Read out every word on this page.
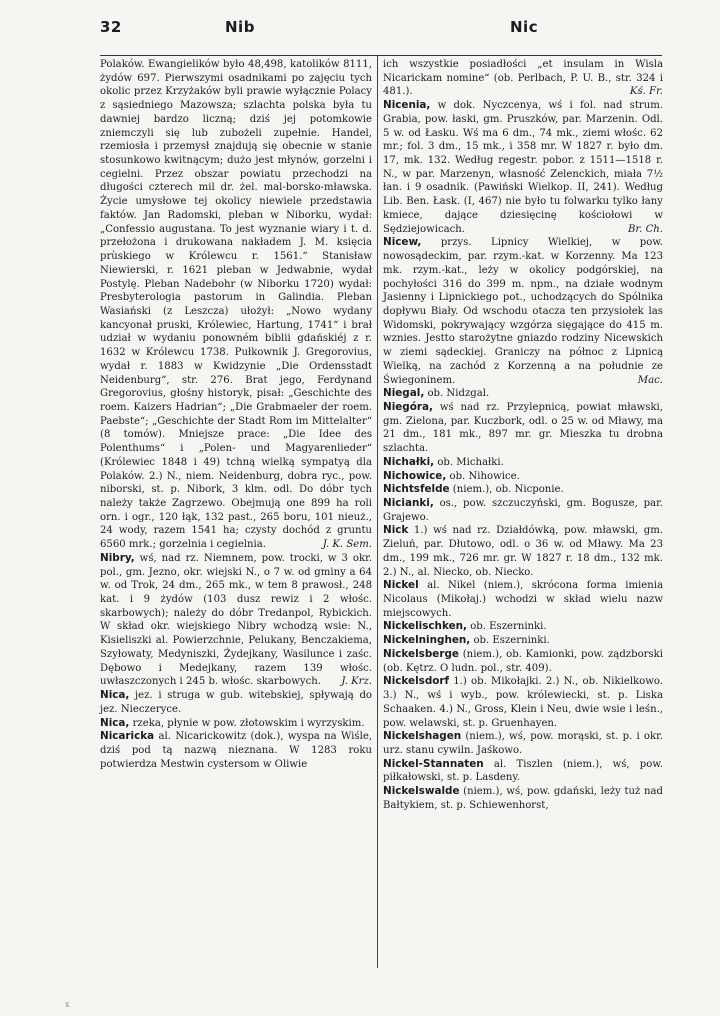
32	Nib	Nic

Polaków. Ewangielików było 48,498, katolików 8111, żydów 697. Pierwszymi osadnikami po zajęciu tych okolic przez Krzyżaków byli prawie wyłącznie Polacy z sąsiedniego Mazowsza; szlachta polska była tu dawniej bardzo liczną; dziś jej potomkowie zniemczyli się lub zubożeli zupełnie. Handel, rzemiosła i przemysł znajdują się obecnie w stanie stosunkowo kwitnącym; dużo jest młynów, gorzelni i cegielni. Przez obszar powiatu przechodzi na długości czterech mil dr. żel. mal-borsko-mławska. Życie umysłowe tej okolicy niewiele przedstawia faktów. Jan Radomski, pleban w Niborku, wydał: „Confessio augustana. To jest wyznanie wiary i t. d. przełożona i drukowana nakładem J. M. księcia prùskiego w Królewcu r. 1561.“ Stanisław Niewierski, r. 1621 pleban w Jedwabnie, wydał Postylę. Pleban Nadebohr (w Niborku 1720) wydał: Presbyterologia pastorum in Galindia. Pleban Wasiański (z Leszcza) ułożył: „Nowo wydany kancyonał pruski, Królewiec, Hartung, 1741“ i brał udział w wydaniu ponowném biblii gdańskiéj z r. 1632 w Królewcu 1738. Pułkownik J. Gregorovius, wydał r. 1883 w Kwidzynie „Die Ordensstadt Neidenburg“, str. 276. Brat jego, Ferdynand Gregorovius, głośny historyk, pisał: „Geschichte des roem. Kaizers Hadrian“; „Die Grabmaeler der roem. Paebste“; „Geschichte der Stadt Rom im Mittelalter“ (8 tomów). Mniejsze prace: „Die Idee des Polenthums“ i „Polen- und Magyarenlieder“ (Królewiec 1848 i 49) tchną wielką sympatyą dla Polaków. 2.) N., niem. Neidenburg, dobra ryc., pow. niborski, st. p. Nibork, 3 klm. odl. Do dóbr tych należy także Zagrzewo. Obejmują one 899 ha roli orn. i ogr., 120 łąk, 132 past., 265 boru, 101 nieuż., 24 wody, razem 1541 ha; czysty dochód z gruntu 6560 mrk.; gorzelnia i cegielnia.	J. K. Sem.

Nibry, wś, nad rz. Niemnem, pow. trocki, w 3 okr. pol., gm. Jezno, okr. wiejski N., o 7 w. od gminy a 64 w. od Trok, 24 dm., 265 mk., w tem 8 prawosł., 248 kat. i 9 żydów (103 dusz rewiz i 2 włośc. skarbowych); należy do dóbr Tredanpol, Rybickich. W skład okr. wiejskiego Nibry wchodzą wsie: N., Kisieliszki al. Powierzchnie, Pelukany, Benczakiema, Szyłowaty, Medyniszki, Żydejkany, Wasilunce i zaśc. Dębowo i Medejkany, razem 139 włośc. uwłaszczonych i 245 b. włośc. skarbowych. J. Krz.

Nica, jez. i struga w gub. witebskiej, spływają do jez. Nieczeryce.

Nica, rzeka, płynie w pow. złotowskim i wyrzyskim.

Nicaricka al. Nicarickowitz (dok.), wyspa na Wiśle, dziś pod tą nazwą nieznana. W 1283 roku potwierdza Mestwin cystersom w Oliwie

ich wszystkie posiadłości „et insulam in Wisla Nicarickam nomine“ (ob. Perlbach, P. U. B., str. 324 i 481.).	Kś. Fr.

Nicenia, w dok. Nyczcenya, wś i fol. nad strum. Grabia, pow. łaski, gm. Pruszków, par. Marzenin. Odl. 5 w. od Łasku. Wś ma 6 dm., 74 mk., ziemi włośc. 62 mr.; fol. 3 dm., 15 mk., i 358 mr. W 1827 r. było dm. 17, mk. 132. Według regestr. pobor. z 1511—1518 r. N., w par. Marzenyn, własność Zelenckich, miała 7½ łan. i 9 osadnik. (Pawiński Wielkop. II, 241). Według Lib. Ben. Łask. (I, 467) nie było tu folwarku tylko łany kmiece, dające dziesięcinę kościołowi w Sędziejowicach.	Br. Ch.

Nicew, przys. Lipnicy Wielkiej, w pow. nowosądeckim, par. rzym.-kat. w Korzenny. Ma 123 mk. rzym.-kat., leży w okolicy podgórskiej, na pochyłości 316 do 399 m. npm., na działe wodnym Jasienny i Lipnickiego pot., uchodzących do Spólnika dopływu Biały. Od wschodu otacza ten przysiołek las Widomski, pokrywający wzgórza sięgające do 415 m. wznies. Jestto starożytne gniazdo rodziny Nicewskich w ziemi sądeckiej. Graniczy na północ z Lipnicą Wielką, na zachód z Korzenną a na południe ze Świegoninem.	Mac.

Niegal, ob. Nidzgal.

Niegóra, wś nad rz. Przylepnicą, powiat mławski, gm. Zielona, par. Kuczbork, odl. o 25 w. od Mławy, ma 21 dm., 181 mk., 897 mr. gr. Mieszka tu drobna szlachta.

Nichałki, ob. Michałki.

Nichowice, ob. Nihowice.

Nichtsfelde (niem.), ob. Nicponie.

Nicianki, os., pow. szczuczyński, gm. Bogusze, par. Grajewo.

Nick 1.) wś nad rz. Działdówką, pow. mławski, gm. Zieluń, par. Dłutowo, odl. o 36 w. od Mławy. Ma 23 dm., 199 mk., 726 mr. gr. W 1827 r. 18 dm., 132 mk. 2.) N., al. Niecko, ob. Niecko.

Nickel al. Nikel (niem.), skrócona forma imienia Nicolaus (Mikołaj.) wchodzi w skład wielu nazw miejscowych.

Nickelischken, ob. Eszerninki.

Nickelninghen, ob. Eszerninki.

Nickelsberge (niem.), ob. Kamionki, pow. ządzborski (ob. Kętrz. O ludn. pol., str. 409).

Nickelsdorf 1.) ob. Mikołajki. 2.) N., ob. Nikielkowo. 3.) N., wś i wyb., pow. królewiecki, st. p. Liska Schaaken. 4.) N., Gross, Klein i Neu, dwie wsie i leśn., pow. welawski, st. p. Gruenhayen.

Nickelshagen (niem.), wś, pow. morąski, st. p. i okr. urz. stanu cywiln. Jaśkowo.

Nickel-Stannaten al. Tiszlen (niem.), wś, pow. piłkałowski, st. p. Lasdeny.

Nickelswalde (niem.), wś, pow. gdański, leży tuż nad Bałtykiem, st. p. Schiewenhorst,

ⅹ
